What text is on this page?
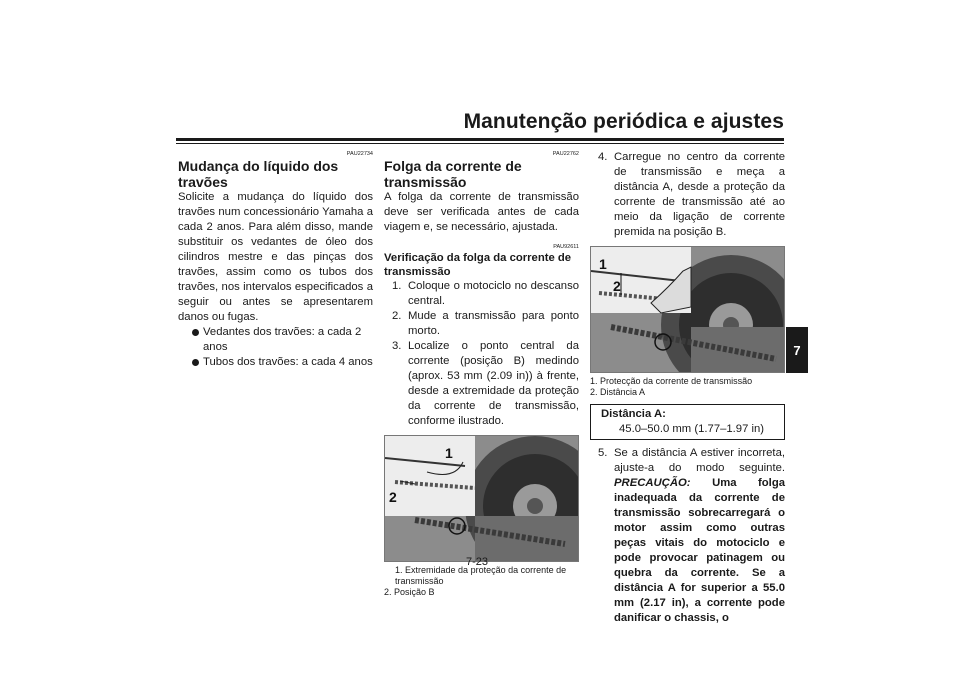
Manutenção periódica e ajustes
7
PAU22734
Mudança do líquido dos travões

Solicite a mudança do líquido dos travões num concessionário Yamaha a cada 2 anos. Para além disso, mande substituir os vedantes de óleo dos cilindros mestre e das pinças dos travões, assim como os tubos dos travões, nos intervalos especificados a seguir ou antes se apresentarem danos ou fugas.

Vedantes dos travões: a cada 2 anos
Tubos dos travões: a cada 4 anos
PAU22762
Folga da corrente de transmissão

A folga da corrente de transmissão deve ser verificada antes de cada viagem e, se necessário, ajustada.

PAU92611
Verificação da folga da corrente de transmissão
1. Coloque o motociclo no descanso central.
2. Mude a transmissão para ponto morto.
3. Localize o ponto central da corrente (posição B) medindo (aprox. 53 mm (2.09 in)) à frente, desde a extremidade da proteção da corrente de transmissão, conforme ilustrado.
1
2
1. Extremidade da proteção da corrente de transmissão
2. Posição B
4. Carregue no centro da corrente de transmissão e meça a distância A, desde a proteção da corrente de transmissão até ao meio da ligação de corrente premida na posição B.
1
2
1. Protecção da corrente de transmissão
2. Distância A
Distância A:
45.0–50.0 mm (1.77–1.97 in)
5. Se a distância A estiver incorreta, ajuste-a do modo seguinte. PRECAUÇÃO: Uma folga inadequada da corrente de transmissão sobrecarregará o motor assim como outras peças vitais do motociclo e pode provocar patinagem ou quebra da corrente. Se a distância A for superior a 55.0 mm (2.17 in), a corrente pode danificar o chassis, o
7-23
